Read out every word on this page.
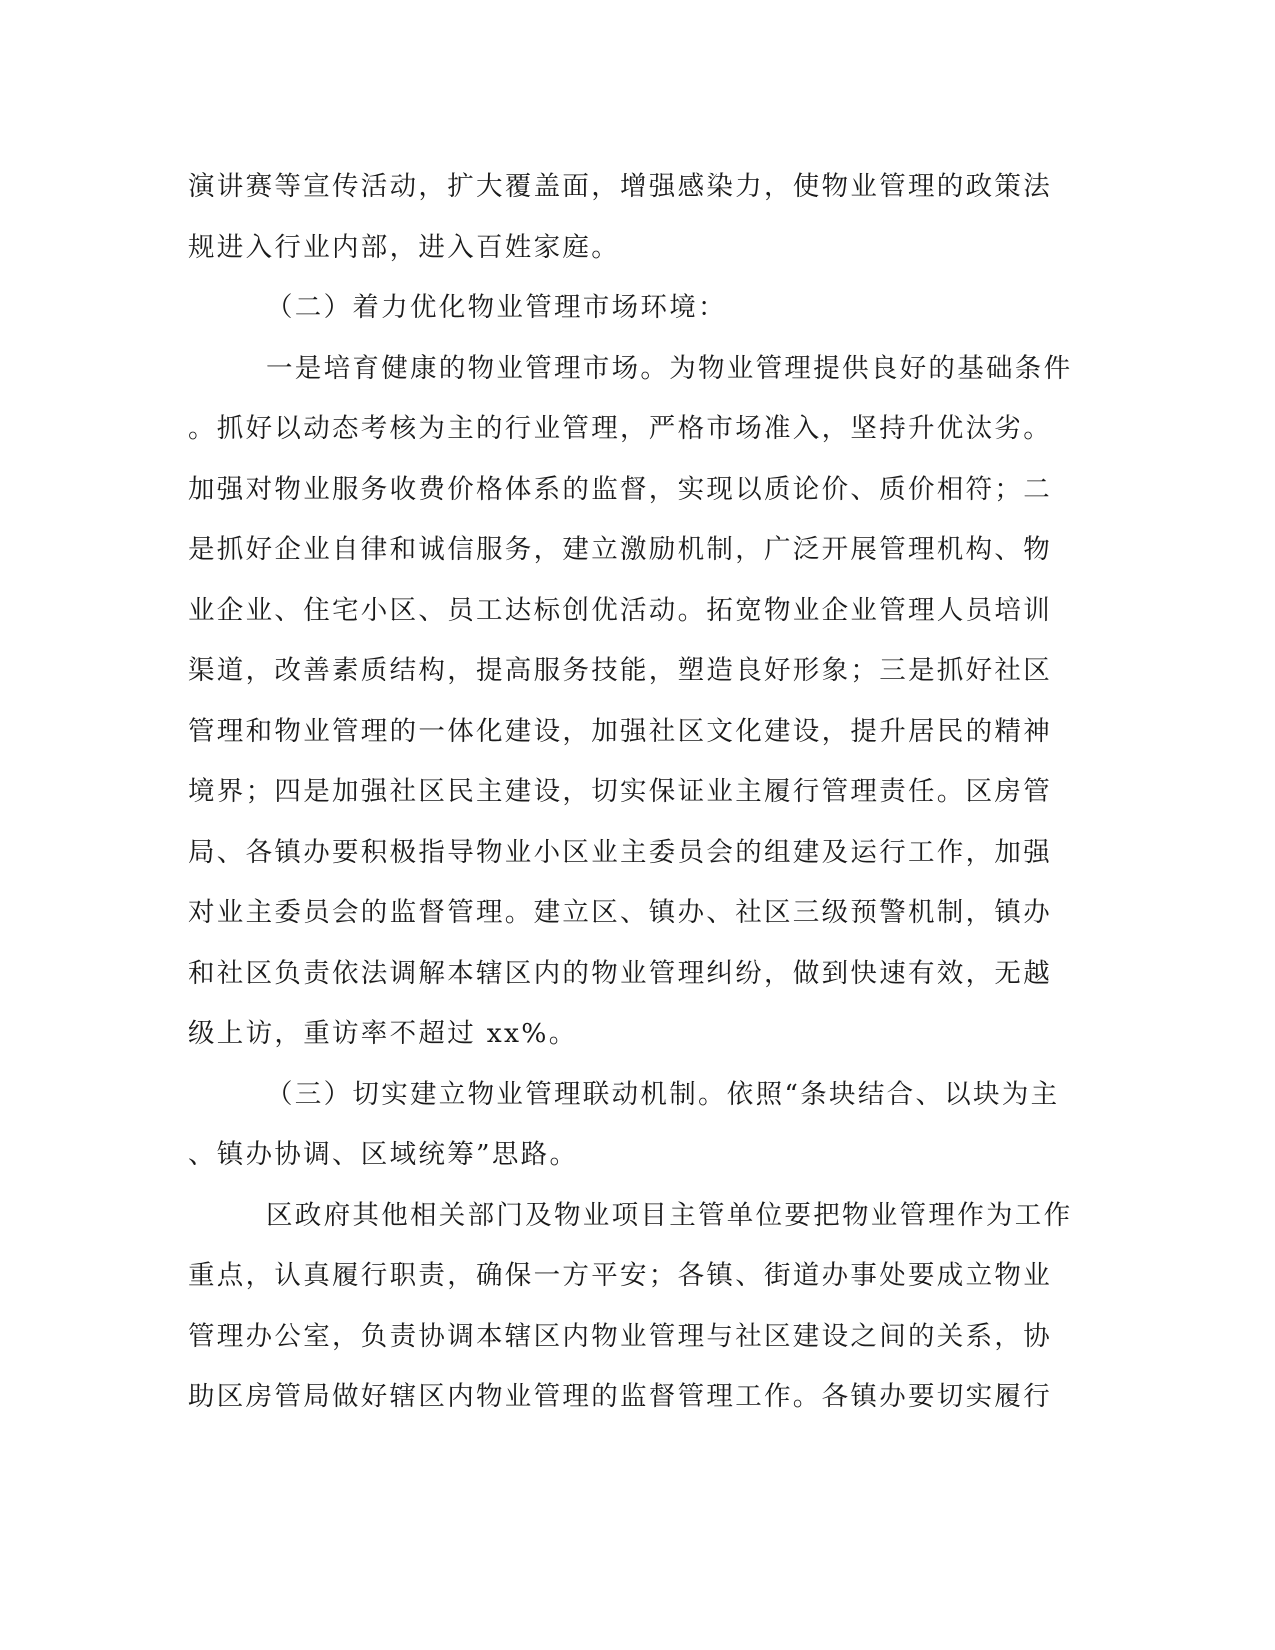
演讲赛等宣传活动，扩大覆盖面，增强感染力，使物业管理的政策法
规进入行业内部，进入百姓家庭。
（二）着力优化物业管理市场环境：
一是培育健康的物业管理市场。为物业管理提供良好的基础条件
。抓好以动态考核为主的行业管理，严格市场准入，坚持升优汰劣。
加强对物业服务收费价格体系的监督，实现以质论价、质价相符；二
是抓好企业自律和诚信服务，建立激励机制，广泛开展管理机构、物
业企业、住宅小区、员工达标创优活动。拓宽物业企业管理人员培训
渠道，改善素质结构，提高服务技能，塑造良好形象；三是抓好社区
管理和物业管理的一体化建设，加强社区文化建设，提升居民的精神
境界；四是加强社区民主建设，切实保证业主履行管理责任。区房管
局、各镇办要积极指导物业小区业主委员会的组建及运行工作，加强
对业主委员会的监督管理。建立区、镇办、社区三级预警机制，镇办
和社区负责依法调解本辖区内的物业管理纠纷，做到快速有效，无越
级上访，重访率不超过 xx%。
（三）切实建立物业管理联动机制。依照“条块结合、以块为主
、镇办协调、区域统筹”思路。
区政府其他相关部门及物业项目主管单位要把物业管理作为工作
重点，认真履行职责，确保一方平安；各镇、街道办事处要成立物业
管理办公室，负责协调本辖区内物业管理与社区建设之间的关系，协
助区房管局做好辖区内物业管理的监督管理工作。各镇办要切实履行
